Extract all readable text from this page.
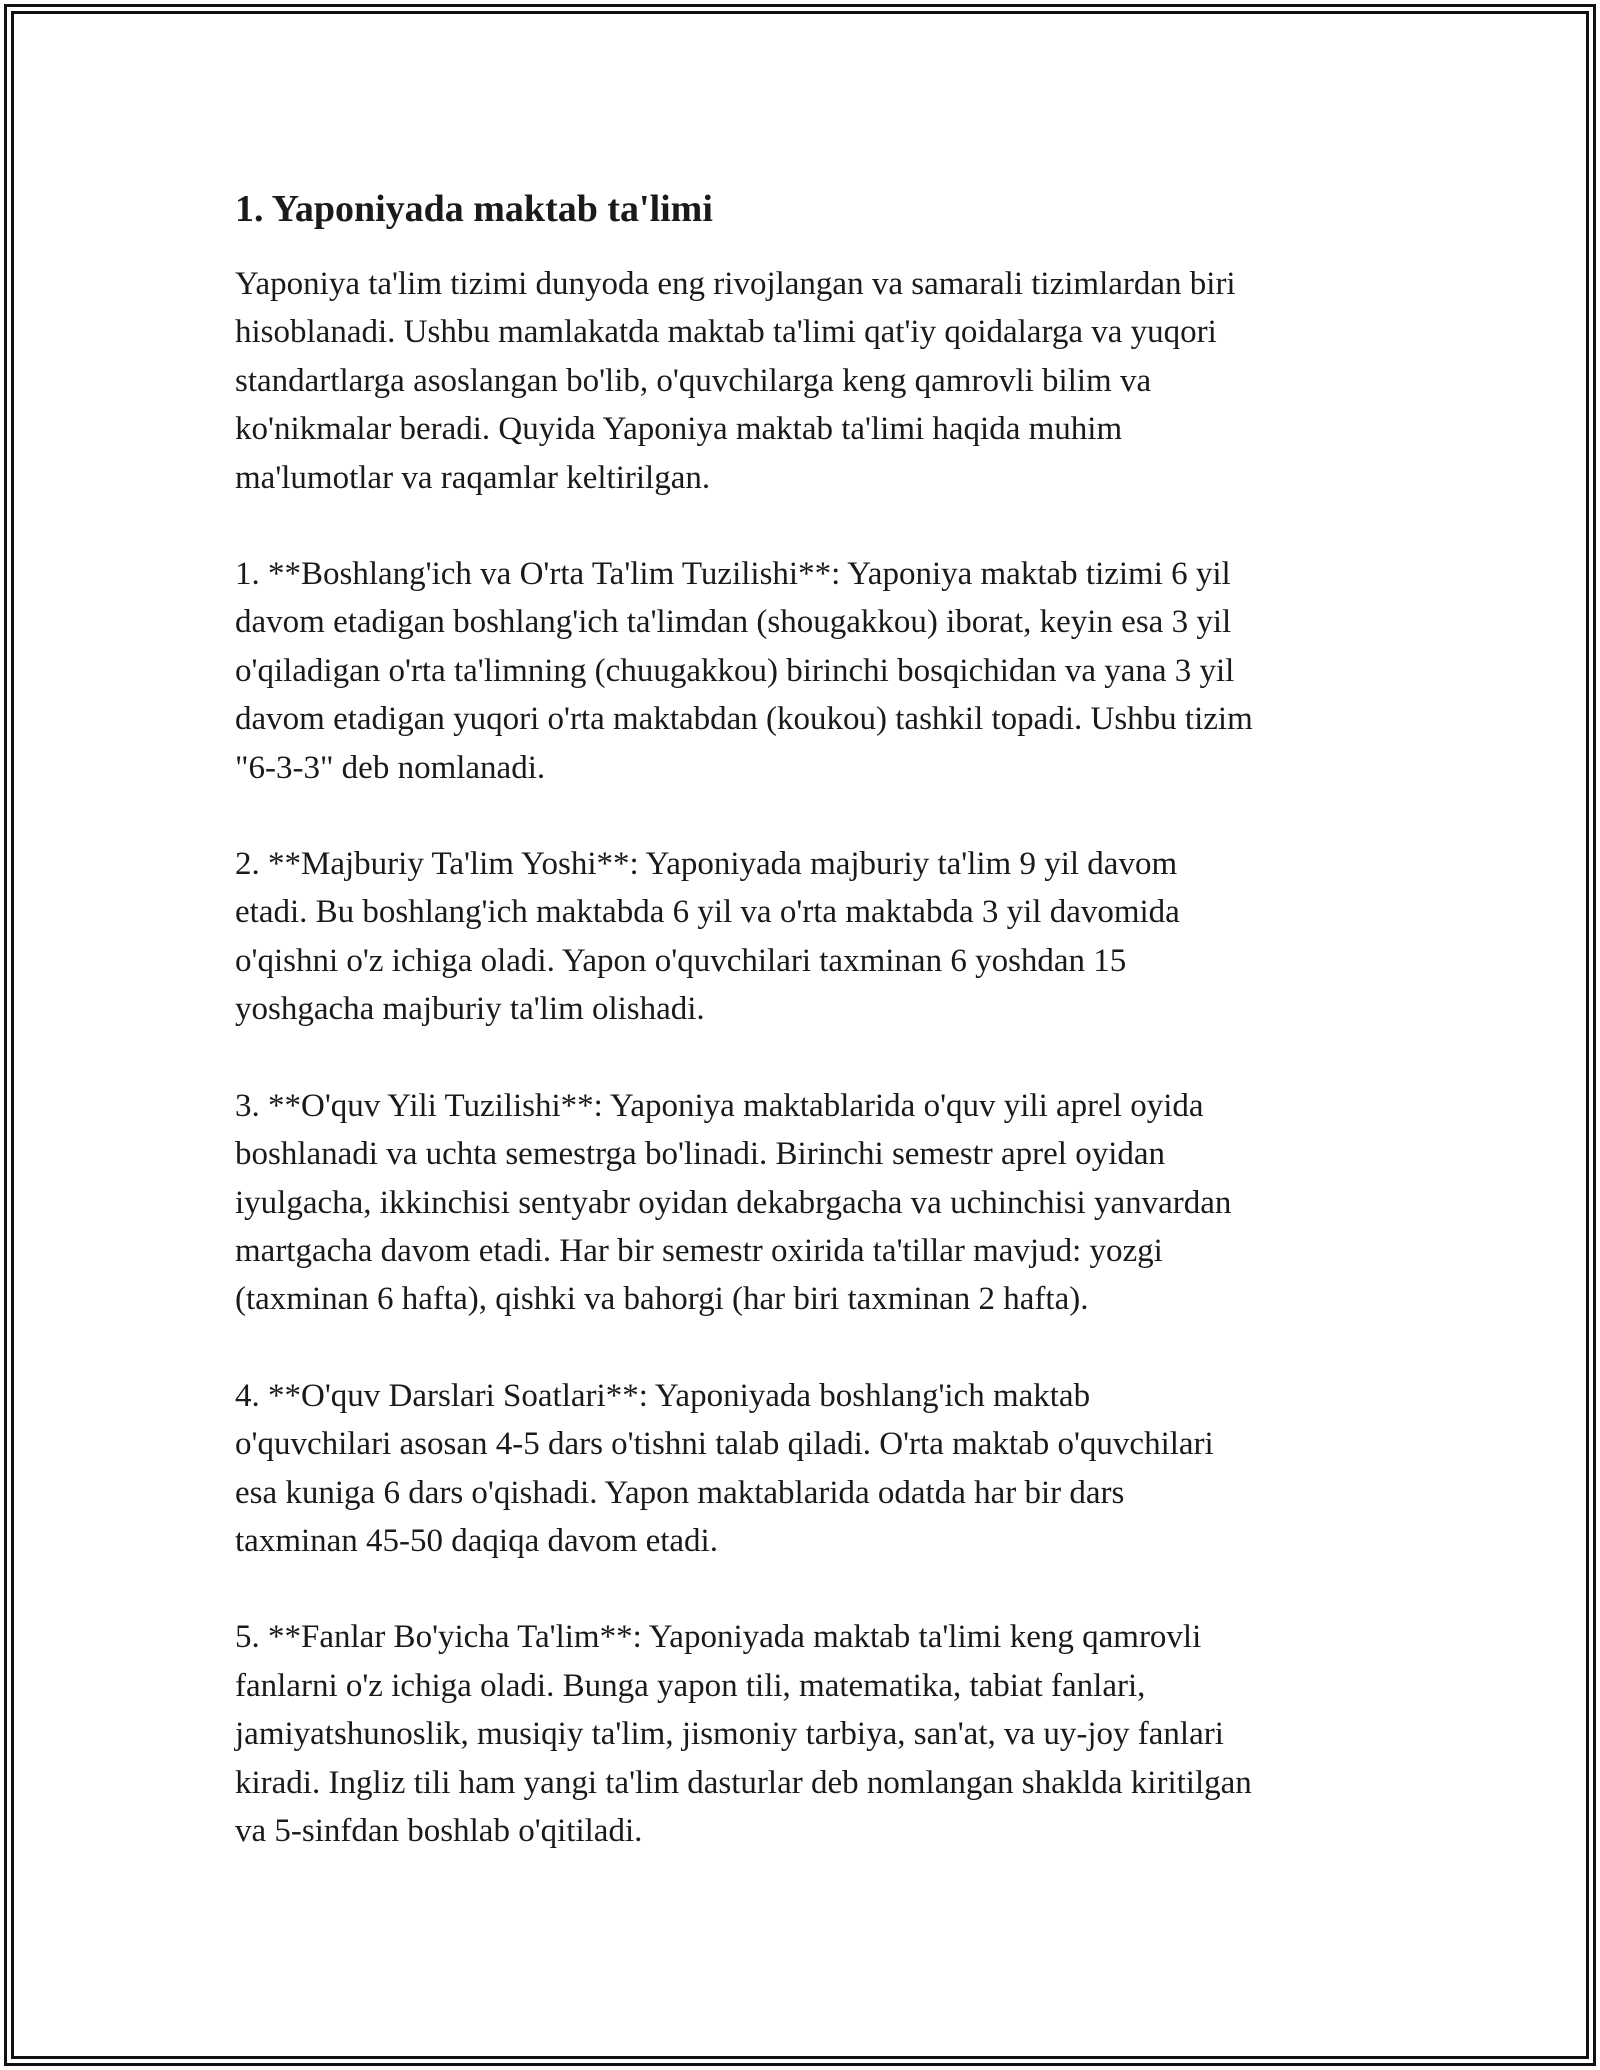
1. Yaponiyada maktab ta'limi

Yaponiya ta'lim tizimi dunyoda eng rivojlangan va samarali tizimlardan biri
hisoblanadi. Ushbu mamlakatda maktab ta'limi qat'iy qoidalarga va yuqori
standartlarga asoslangan bo'lib, o'quvchilarga keng qamrovli bilim va
ko'nikmalar beradi. Quyida Yaponiya maktab ta'limi haqida muhim
ma'lumotlar va raqamlar keltirilgan.

1. **Boshlang'ich va O'rta Ta'lim Tuzilishi**: Yaponiya maktab tizimi 6 yil
davom etadigan boshlang'ich ta'limdan (shougakkou) iborat, keyin esa 3 yil
o'qiladigan o'rta ta'limning (chuugakkou) birinchi bosqichidan va yana 3 yil
davom etadigan yuqori o'rta maktabdan (koukou) tashkil topadi. Ushbu tizim
"6-3-3" deb nomlanadi.

2. **Majburiy Ta'lim Yoshi**: Yaponiyada majburiy ta'lim 9 yil davom
etadi. Bu boshlang'ich maktabda 6 yil va o'rta maktabda 3 yil davomida
o'qishni o'z ichiga oladi. Yapon o'quvchilari taxminan 6 yoshdan 15
yoshgacha majburiy ta'lim olishadi.

3. **O'quv Yili Tuzilishi**: Yaponiya maktablarida o'quv yili aprel oyida
boshlanadi va uchta semestrga bo'linadi. Birinchi semestr aprel oyidan
iyulgacha, ikkinchisi sentyabr oyidan dekabrgacha va uchinchisi yanvardan
martgacha davom etadi. Har bir semestr oxirida ta'tillar mavjud: yozgi
(taxminan 6 hafta), qishki va bahorgi (har biri taxminan 2 hafta).

4. **O'quv Darslari Soatlari**: Yaponiyada boshlang'ich maktab
o'quvchilari asosan 4-5 dars o'tishni talab qiladi. O'rta maktab o'quvchilari
esa kuniga 6 dars o'qishadi. Yapon maktablarida odatda har bir dars
taxminan 45-50 daqiqa davom etadi.

5. **Fanlar Bo'yicha Ta'lim**: Yaponiyada maktab ta'limi keng qamrovli
fanlarni o'z ichiga oladi. Bunga yapon tili, matematika, tabiat fanlari,
jamiyatshunoslik, musiqiy ta'lim, jismoniy tarbiya, san'at, va uy-joy fanlari
kiradi. Ingliz tili ham yangi ta'lim dasturlar deb nomlangan shaklda kiritilgan
va 5-sinfdan boshlab o'qitiladi.
